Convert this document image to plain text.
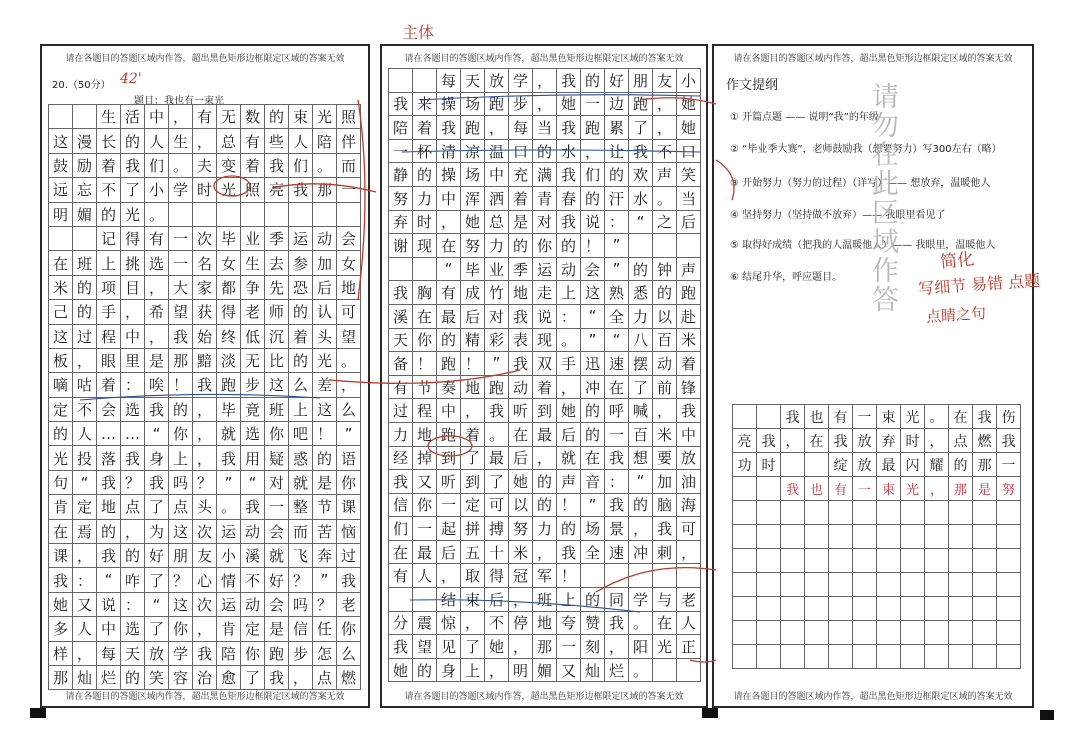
请在各题目的答题区域内作答，超出黑色矩形边框限定区域的答案无效
20.（50分） 42'
题目：我也有一束光
生 活 中 ， 有 无 数 的 束 光 照
这 漫 长 的 人 生 ， 总 有 些 人 陪 伴
鼓 励 着 我 们 。 夫 变 着 我 们 。 而
远 忘 不 了 小 学 时 光 照 亮 我 那 一
明 媚 的 光 。
记 得 有 一 次 毕 业 季 运 动 会
在 班 上 挑 选 一 名 女 生 去 参 加 女
米 的 项 目 ， 大 家 都 争 先 恐 后 地
己 的 手 ， 希 望 获 得 老 师 的 认 可
这 过 程 中 ， 我 始 终 低 沉 着 头 望
板 ， 眼 里 是 那 黯 淡 无 比 的 光 。
嘀 咕 着 ： 唉 ！ 我 跑 步 这 么 差 ，
定 不 会 选 我 的 ， 毕 竟 班 上 这 么
的 人 … … “ 你 ， 就 选 你 吧 ！ ”
光 投 落 我 身 上 ， 我 用 疑 惑 的 语
句 “ 我 ？ 我 吗 ？ ”	“ 对 就 是 你
肯 定 地 点 了 点 头 。 我 一 整 节 课
在 焉 的 ， 为 这 次 运 动 会 而 苦 恼
课 ， 我 的 好 朋 友 小 溪 就 飞 奔 过
我 ： “ 咋 了 ？ 心 情 不 好 ？ ” 我
她 又 说 ： “ 这 次 运 动 会 吗 ？ 老
多 人 中 选 了 你 ， 肯 定 是 信 任 你
样 ， 每 天 放 学 我 陪 你 跑 步 怎 么
那 灿 烂 的 笑 容 治 愈 了 我 ， 点 燃
请在各题目的答题区域内作答，超出黑色矩形边框限定区域的答案无效
请在各题目的答题区域内作答，超出黑色矩形边框限定区域的答案无效
每 天 放 学 ， 我 的 好 朋 友 小
我 来 操 场 跑 步 ， 她 一 边 跑 ， 她
陪 着 我 跑 ， 每 当 我 跑 累 了 ， 她
一 杯 清 凉 温 口 的 水 ， 让 我 不 口
静 的 操 场 中 充 满 我 们 的 欢 声 笑
努 力 中 浑 洒 着 青 春 的 汗 水 。 当
弃 时 ， 她 总 是 对 我 说 ： “ 之 后
谢 现 在 努 力 的 你 的 ！ ”
“ 毕 业 季 运 动 会 ” 的 钟 声
我 胸 有 成 竹 地 走 上 这 熟 悉 的 跑
溪 在 最 后 对 我 说 ： “ 全 力 以 赴
天 你 的 精 彩 表 现 。 ”	“ 八 百 米
备 ！ 跑 ！ ” 我 双 手 迅 速 摆 动 着
有 节 奏 地 跑 动 着 ， 冲 在 了 前 锋
过 程 中 ， 我 听 到 她 的 呼 喊 ， 我
力 地 跑 着 。 在 最 后 的 一 百 米 中
经 掉 到 了 最 后 ， 就 在 我 想 要 放
我 又 听 到 了 她 的 声 音 ： “ 加 油
信 你 一 定 可 以 的 ！ ” 我 的 脑 海
们 一 起 拼 搏 努 力 的 场 景 ， 我 可
在 最 后 五 十 米 ， 我 全 速 冲 刺 ，
有 人 ， 取 得 冠 军 ！
结 束 后 ， 班 上 的 同 学 与 老
分 震 惊 ， 不 停 地 夸 赞 我 。 在 人
我 望 见 了 她 ， 那 一 刻 ， 阳 光 正
她 的 身 上 ， 明 媚 又 灿 烂 。
请在各题目的答题区域内作答，超出黑色矩形边框限定区域的答案无效
请在各题目的答题区域内作答，超出黑色矩形边框限定区域的答案无效
作文提纲
① 开篇点题 —— 说明“我”的年级
② “毕业季大赛”，老师鼓励我（想要努力）写300左右（略）
③ 开始努力（努力的过程）（详写）—— 想放弃，温暖他人
④ 坚持努力（坚持做不放弃）—— 我眼里看见了
⑤ 取得好成绩（把我的人温暖他人）—— 我眼里，温暖他人
⑥ 结尾升华，呼应题目。
我 也 有 一 束 光 。 在 我 伤
亮 我 ， 在 我 放 弃 时 ， 点 燃 我
功 时	绽 放 最 闪 耀 的 那 一
我 也 有 一 束 光 ， 那 是 努
请在各题目的答题区域内作答，超出黑色矩形边框限定区域的答案无效
主体
请勿在此区域作答 简化
写细节 易错 点题
点睛之句
